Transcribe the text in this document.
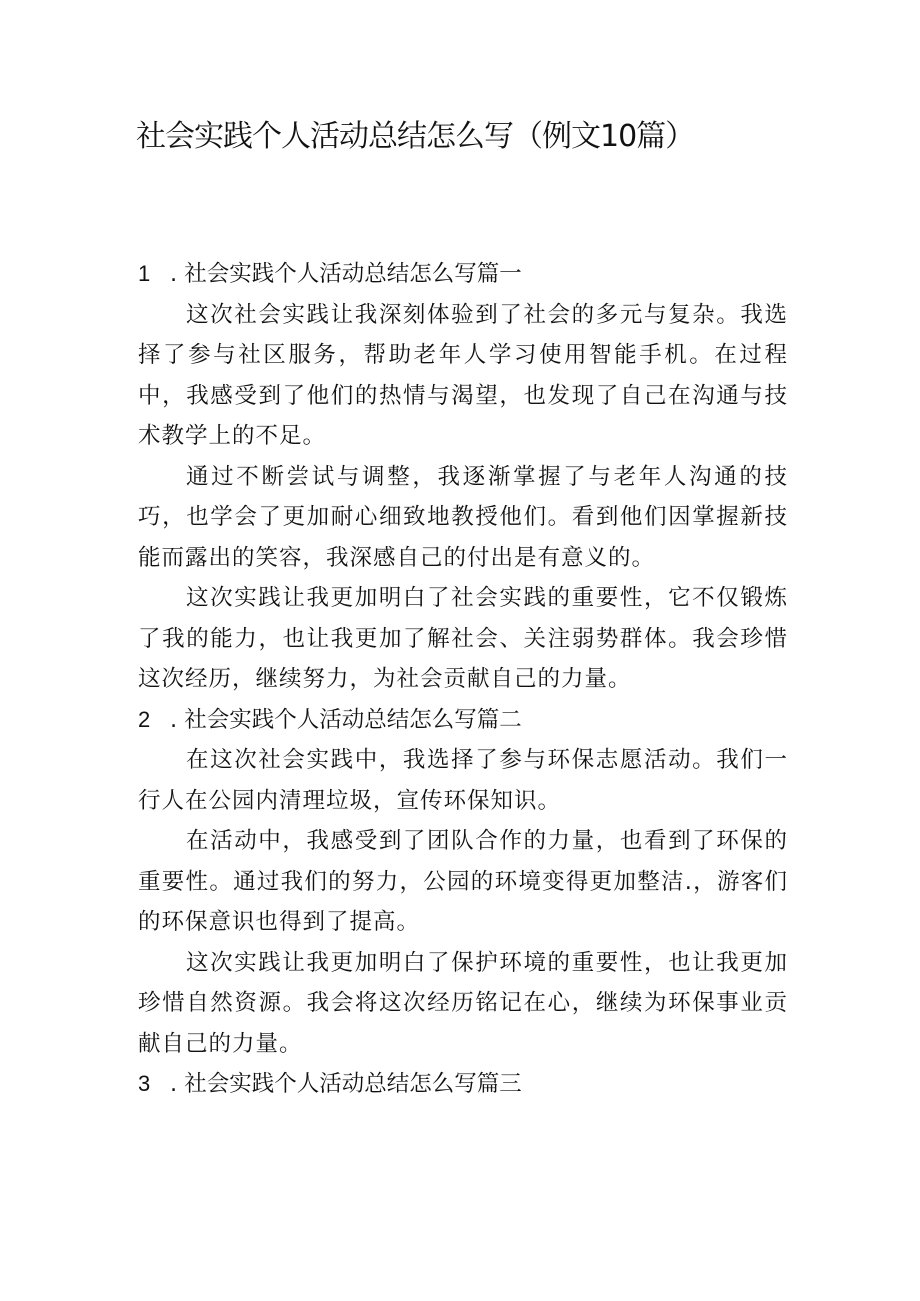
社会实践个人活动总结怎么写（例文10篇）
1 . 社会实践个人活动总结怎么写篇一

这次社会实践让我深刻体验到了社会的多元与复杂。我选择了参与社区服务，帮助老年人学习使用智能手机。在过程中，我感受到了他们的热情与渴望，也发现了自己在沟通与技术教学上的不足。

通过不断尝试与调整，我逐渐掌握了与老年人沟通的技巧，也学会了更加耐心细致地教授他们。看到他们因掌握新技能而露出的笑容，我深感自己的付出是有意义的。

这次实践让我更加明白了社会实践的重要性，它不仅锻炼了我的能力，也让我更加了解社会、关注弱势群体。我会珍惜这次经历，继续努力，为社会贡献自己的力量。

2 . 社会实践个人活动总结怎么写篇二

在这次社会实践中，我选择了参与环保志愿活动。我们一行人在公园内清理垃圾，宣传环保知识。

在活动中，我感受到了团队合作的力量，也看到了环保的重要性。通过我们的努力，公园的环境变得更加整洁.，游客们的环保意识也得到了提高。

这次实践让我更加明白了保护环境的重要性，也让我更加珍惜自然资源。我会将这次经历铭记在心，继续为环保事业贡献自己的力量。

3 . 社会实践个人活动总结怎么写篇三
